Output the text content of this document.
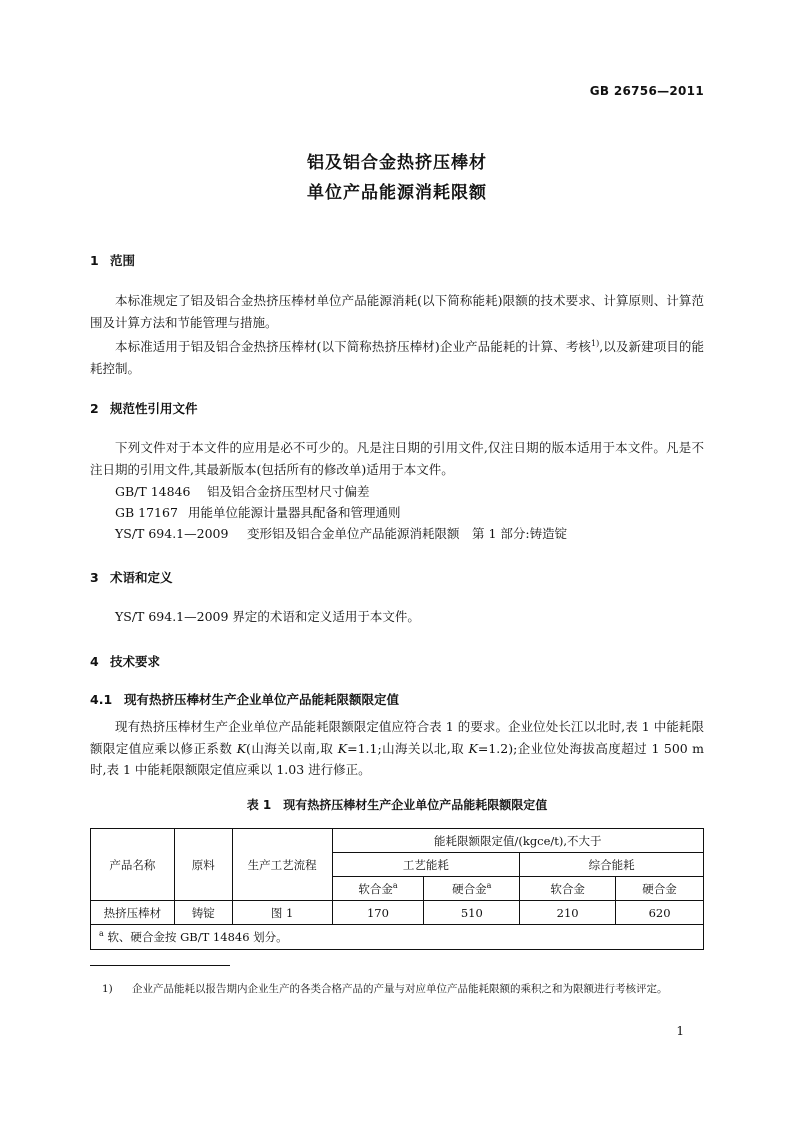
GB 26756—2011
铝及铝合金热挤压棒材
单位产品能源消耗限额
1 范围
本标准规定了铝及铝合金热挤压棒材单位产品能源消耗(以下简称能耗)限额的技术要求、计算原则、计算范围及计算方法和节能管理与措施。
本标准适用于铝及铝合金热挤压棒材(以下简称热挤压棒材)企业产品能耗的计算、考核$^{1)}$,以及新建项目的能耗控制。
2 规范性引用文件
下列文件对于本文件的应用是必不可少的。凡是注日期的引用文件,仅注日期的版本适用于本文件。凡是不注日期的引用文件,其最新版本(包括所有的修改单)适用于本文件。
GB/T 14846 铝及铝合金挤压型材尺寸偏差
GB 17167 用能单位能源计量器具配备和管理通则
YS/T 694.1—2009 变形铝及铝合金单位产品能源消耗限额　第 1 部分:铸造锭
3 术语和定义
YS/T 694.1—2009 界定的术语和定义适用于本文件。
4 技术要求
4.1 现有热挤压棒材生产企业单位产品能耗限额限定值
现有热挤压棒材生产企业单位产品能耗限额限定值应符合表 1 的要求。企业位处长江以北时,表 1 中能耗限额限定值应乘以修正系数 K(山海关以南,取 K=1.1;山海关以北,取 K=1.2);企业位处海拔高度超过 1 500 m 时,表 1 中能耗限额限定值应乘以 1.03 进行修正。
表 1　现有热挤压棒材生产企业单位产品能耗限额限定值
产品名称	原料	生产工艺流程	能耗限额限定值/(kgce/t),不大于			
			工艺能耗		综合能耗	
			软合金$^a$	硬合金$^a$	软合金	硬合金
热挤压棒材	铸锭	图 1	170	510	210	620
$^a$ 软、硬合金按 GB/T 14846 划分。						
1)	企业产品能耗以报告期内企业生产的各类合格产品的产量与对应单位产品能耗限额的乘积之和为限额进行考核评定。
1
